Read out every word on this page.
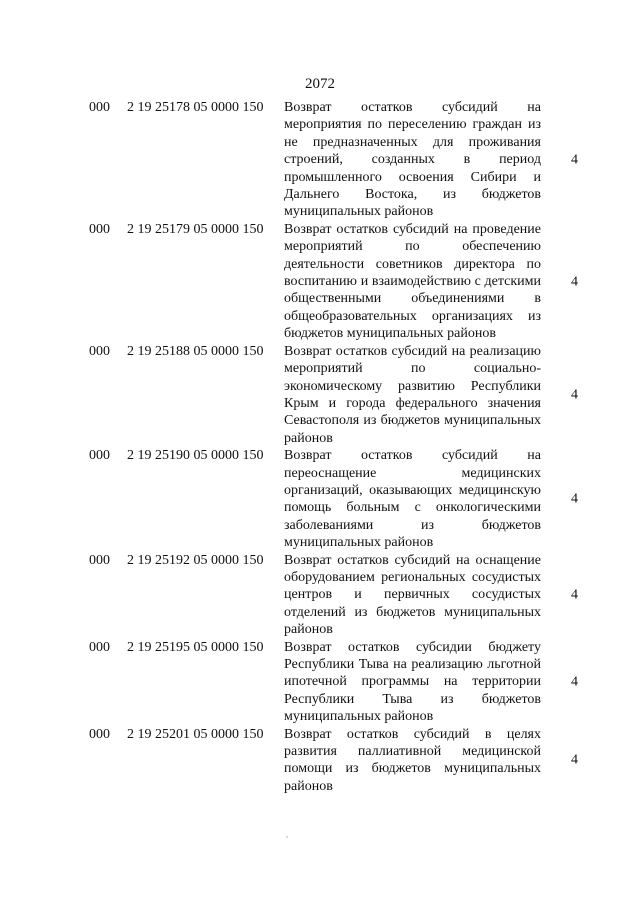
2072
000 2 19 25178 05 0000 150 Возврат остатков субсидий на мероприятия по переселению граждан из не предназначенных для проживания строений, созданных в период промышленного освоения Сибири и Дальнего Востока, из бюджетов муниципальных районов
4
000 2 19 25179 05 0000 150 Возврат остатков субсидий на проведение мероприятий по обеспечению деятельности советников директора по воспитанию и взаимодействию с детскими общественными объединениями в общеобразовательных организациях из бюджетов муниципальных районов
4
000 2 19 25188 05 0000 150 Возврат остатков субсидий на реализацию мероприятий по социально-экономическому развитию Республики Крым и города федерального значения Севастополя из бюджетов муниципальных районов
4
000 2 19 25190 05 0000 150 Возврат остатков субсидий на переоснащение медицинских организаций, оказывающих медицинскую помощь больным с онкологическими заболеваниями из бюджетов муниципальных районов
4
000 2 19 25192 05 0000 150 Возврат остатков субсидий на оснащение оборудованием региональных сосудистых центров и первичных сосудистых отделений из бюджетов муниципальных районов
4
000 2 19 25195 05 0000 150 Возврат остатков субсидии бюджету Республики Тыва на реализацию льготной ипотечной программы на территории Республики Тыва из бюджетов муниципальных районов
4
000 2 19 25201 05 0000 150 Возврат остатков субсидий в целях развития паллиативной медицинской помощи из бюджетов муниципальных районов
4
